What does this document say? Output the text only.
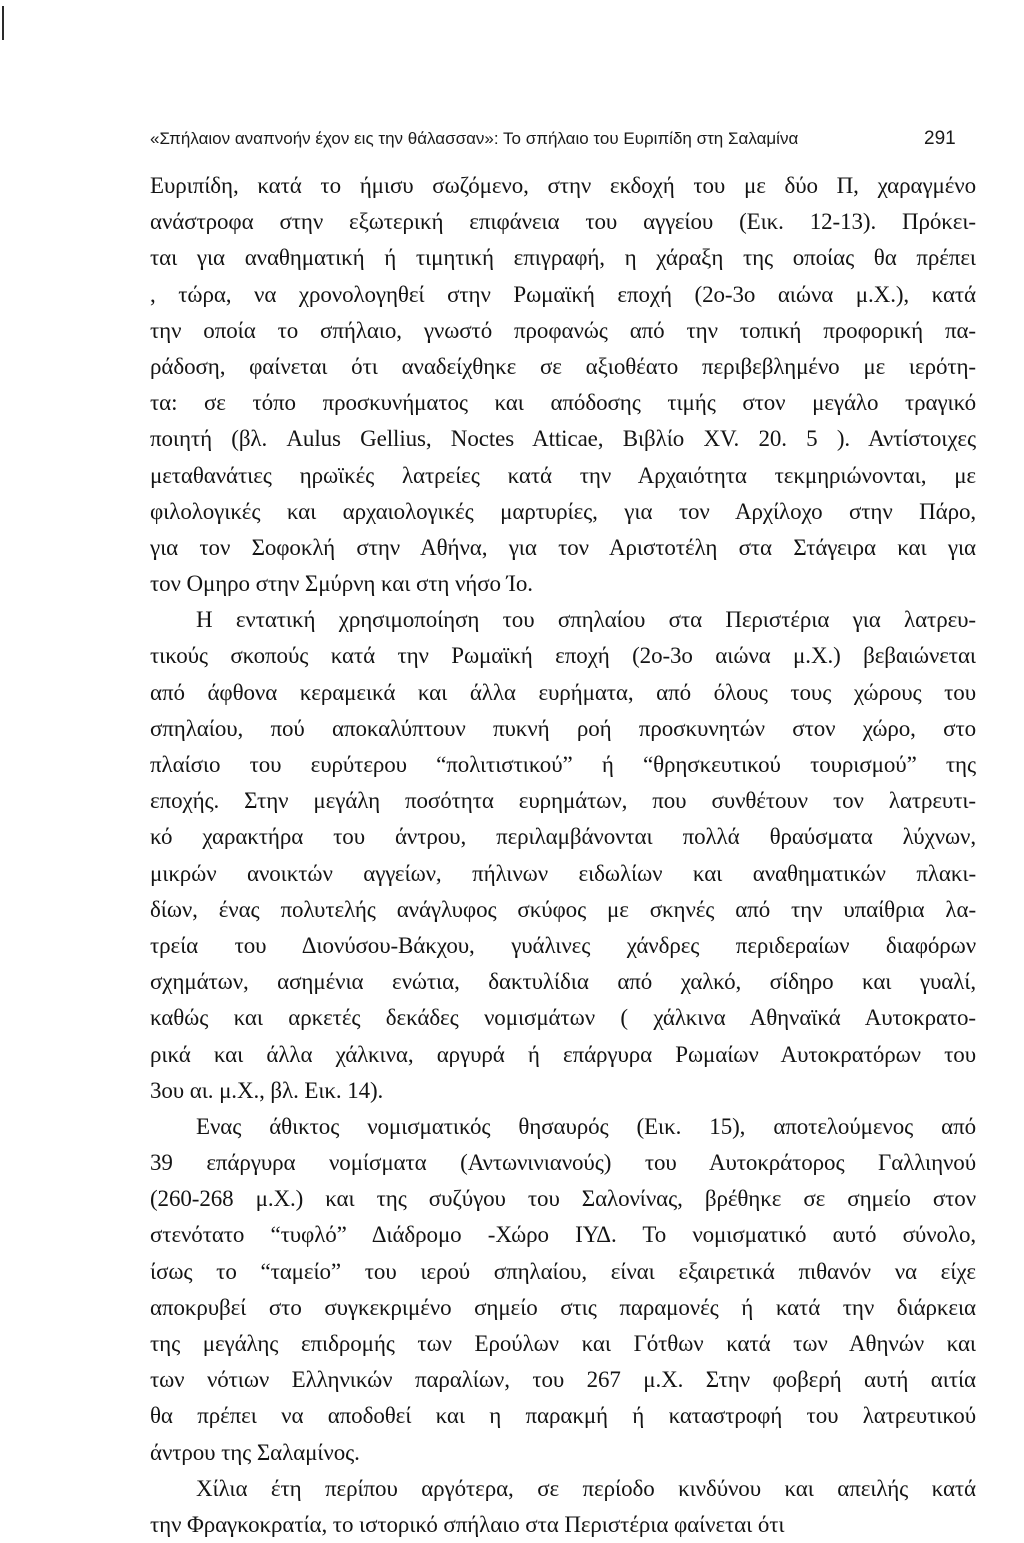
«Σπήλαιον αναπνοήν έχον εις την θάλασσαν»: Το σπήλαιο του Ευριπίδη στη Σαλαμίνα	291
Ευριπίδη, κατά το ήμισυ σωζόμενο, στην εκδοχή του με δύο Π, χαραγμένο
ανάστροφα στην εξωτερική επιφάνεια του αγγείου (Εικ. 12-13). Πρόκει-
ται για αναθηματική ή τιμητική επιγραφή, η χάραξη της οποίας θα πρέπει
, τώρα, να χρονολογηθεί στην Ρωμαϊκή εποχή (2ο-3ο αιώνα μ.Χ.), κατά
την οποία το σπήλαιο, γνωστό προφανώς από την τοπική προφορική πα-
ράδοση, φαίνεται ότι αναδείχθηκε σε αξιοθέατο περιβεβλημένο με ιερότη-
τα: σε τόπο προσκυνήματος και απόδοσης τιμής στον μεγάλο τραγικό
ποιητή (βλ. Aulus Gellius, Noctes Atticae, Βιβλίο XV. 20. 5 ). Αντίστοιχες
μεταθανάτιες ηρωϊκές λατρείες κατά την Αρχαιότητα τεκμηριώνονται, με
φιλολογικές και αρχαιολογικές μαρτυρίες, για τον Αρχίλοχο στην Πάρο,
για τον Σοφοκλή στην Αθήνα, για τον Αριστοτέλη στα Στάγειρα και για
τον Ομηρο στην Σμύρνη και στη νήσο Ίο.
Η εντατική χρησιμοποίηση του σπηλαίου στα Περιστέρια για λατρευ-
τικούς σκοπούς κατά την Ρωμαϊκή εποχή (2ο-3ο αιώνα μ.Χ.) βεβαιώνεται
από άφθονα κεραμεικά και άλλα ευρήματα, από όλους τους χώρους του
σπηλαίου, πού αποκαλύπτουν πυκνή ροή προσκυνητών στον χώρο, στο
πλαίσιο του ευρύτερου “πολιτιστικού” ή “θρησκευτικού τουρισμού” της
εποχής. Στην μεγάλη ποσότητα ευρημάτων, που συνθέτουν τον λατρευτι-
κό χαρακτήρα του άντρου, περιλαμβάνονται πολλά θραύσματα λύχνων,
μικρών ανοικτών αγγείων, πήλινων ειδωλίων και αναθηματικών πλακι-
δίων, ένας πολυτελής ανάγλυφος σκύφος με σκηνές από την υπαίθρια λα-
τρεία του Διονύσου-Βάκχου, γυάλινες χάνδρες περιδεραίων διαφόρων
σχημάτων, ασημένια ενώτια, δακτυλίδια από χαλκό, σίδηρο και γυαλί,
καθώς και αρκετές δεκάδες νομισμάτων ( χάλκινα Αθηναϊκά Αυτοκρατο-
ρικά και άλλα χάλκινα, αργυρά ή επάργυρα Ρωμαίων Αυτοκρατόρων του
3ου αι. μ.Χ., βλ. Εικ. 14).
Ενας άθικτος νομισματικός θησαυρός (Εικ. 15), αποτελούμενος από
39 επάργυρα νομίσματα (Αντωνινιανούς) του Αυτοκράτορος Γαλλιηνού
(260-268 μ.Χ.) και της συζύγου του Σαλονίνας, βρέθηκε σε σημείο στον
στενότατο “τυφλό” Διάδρομο -Χώρο ΙΥΔ. Το νομισματικό αυτό σύνολο,
ίσως το “ταμείο” του ιερού σπηλαίου, είναι εξαιρετικά πιθανόν να είχε
αποκρυβεί στο συγκεκριμένο σημείο στις παραμονές ή κατά την διάρκεια
της μεγάλης επιδρομής των Ερούλων και Γότθων κατά των Αθηνών και
των νότιων Ελληνικών παραλίων, του 267 μ.Χ. Στην φοβερή αυτή αιτία
θα πρέπει να αποδοθεί και η παρακμή ή καταστροφή του λατρευτικού
άντρου της Σαλαμίνος.
Χίλια έτη περίπου αργότερα, σε περίοδο κινδύνου και απειλής κατά
την Φραγκοκρατία, το ιστορικό σπήλαιο στα Περιστέρια φαίνεται ότι
